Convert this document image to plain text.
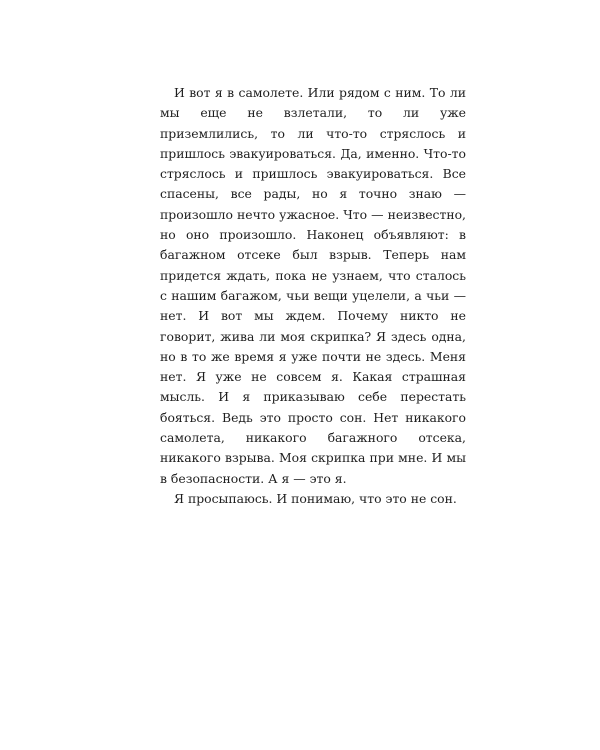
И вот я в самолете. Или рядом с ним. То ли мы еще не взлетали, то ли уже приземлились, то ли что-то стряслось и пришлось эвакуироваться. Да, именно. Что-то стряслось и пришлось эвакуироваться. Все спасены, все рады, но я точно знаю — произошло нечто ужасное. Что — неизвестно, но оно произошло. Наконец объявляют: в багажном отсеке был взрыв. Теперь нам придется ждать, пока не узнаем, что сталось с нашим багажом, чьи вещи уцелели, а чьи — нет. И вот мы ждем. Почему никто не говорит, жива ли моя скрипка? Я здесь одна, но в то же время я уже почти не здесь. Меня нет. Я уже не совсем я. Какая страшная мысль. И я приказываю себе перестать бояться. Ведь это просто сон. Нет никакого самолета, никакого багажного отсека, никакого взрыва. Моя скрипка при мне. И мы в безопасности. А я — это я.

Я просыпаюсь. И понимаю, что это не сон.
